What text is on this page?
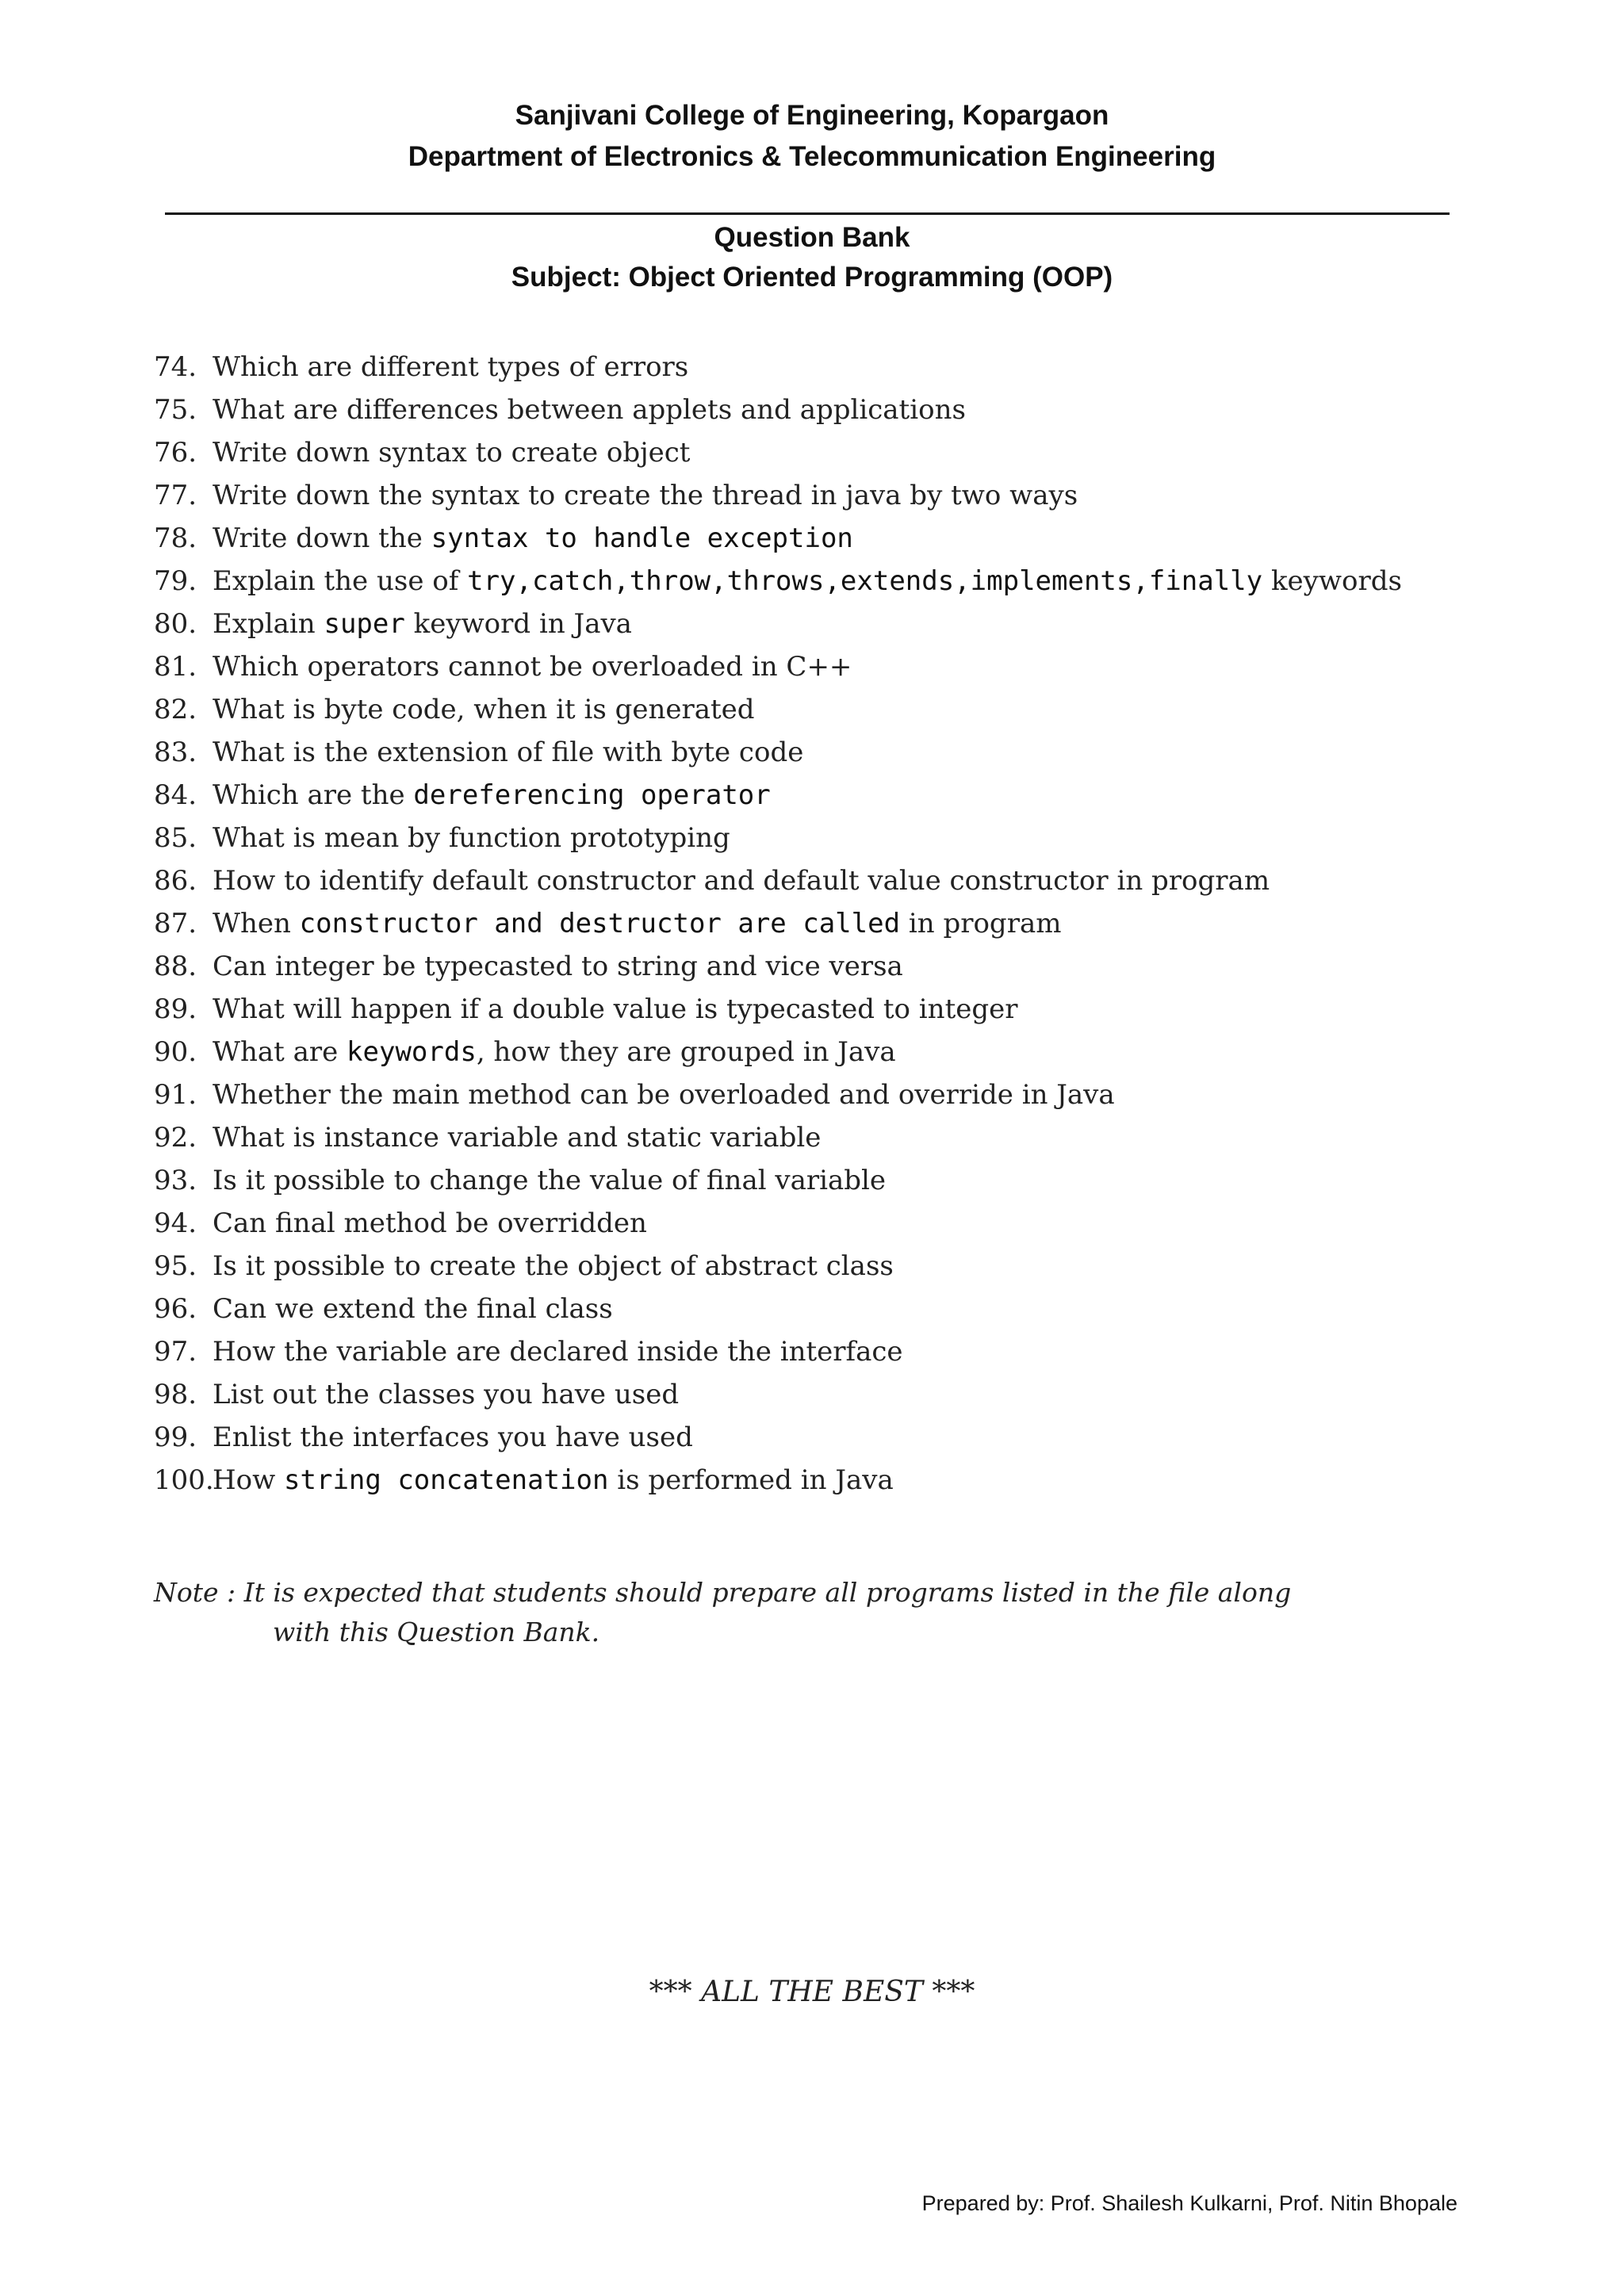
Sanjivani College of Engineering, Kopargaon
Department of Electronics & Telecommunication Engineering
Question Bank
Subject: Object Oriented Programming (OOP)
74. Which are different types of errors
75. What are differences between applets and applications
76. Write down syntax to create object
77. Write down the syntax to create the thread in java by two ways
78. Write down the syntax to handle exception
79. Explain the use of try,catch,throw,throws,extends,implements,finally keywords
80. Explain super keyword in Java
81. Which operators cannot be overloaded in C++
82. What is byte code, when it is generated
83. What is the extension of file with byte code
84. Which are the dereferencing operator
85. What is mean by function prototyping
86. How to identify default constructor and default value constructor in program
87. When constructor and destructor are called in program
88. Can integer be typecasted to string and vice versa
89. What will happen if a double value is typecasted to integer
90. What are keywords, how they are grouped in Java
91. Whether the main method can be overloaded and override in Java
92. What is instance variable and static variable
93. Is it possible to change the value of final variable
94. Can final method be overridden
95. Is it possible to create the object of abstract class
96. Can we extend the final class
97. How the variable are declared inside the interface
98. List out the classes you have used
99. Enlist the interfaces you have used
100.How string concatenation is performed in Java
Note : It is expected that students should prepare all programs listed in the file along
with this Question Bank.
*** ALL THE BEST ***
Prepared by: Prof. Shailesh Kulkarni, Prof. Nitin Bhopale
